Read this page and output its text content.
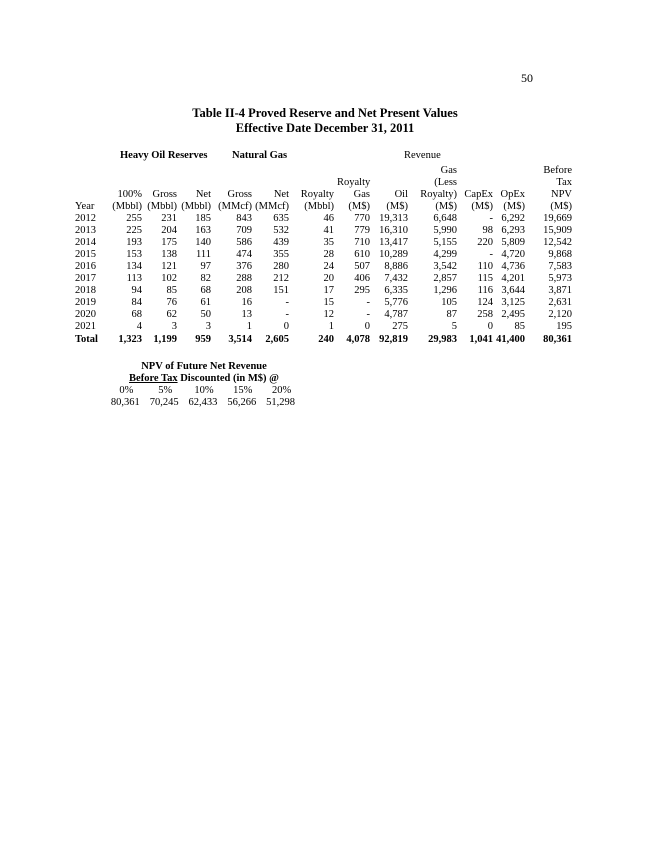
50
Table II-4 Proved Reserve and Net Present Values
Effective Date December 31, 2011
Heavy Oil Reserves Natural Gas	Revenue
									Gas			Before
							Royalty		(Less			Tax
	100%	Gross	Net	Gross	Net	Royalty	Gas	Oil	Royalty)	CapEx	OpEx	NPV
Year	(Mbbl)	(Mbbl)	(Mbbl)	(MMcf)	(MMcf)	(Mbbl)	(M$)	(M$)	(M$)	(M$)	(M$)	(M$)
2012	255	231	185	843	635	46	770	19,313	6,648	-	6,292	19,669
2013	225	204	163	709	532	41	779	16,310	5,990	98	6,293	15,909
2014	193	175	140	586	439	35	710	13,417	5,155	220	5,809	12,542
2015	153	138	111	474	355	28	610	10,289	4,299	-	4,720	9,868
2016	134	121	97	376	280	24	507	8,886	3,542	110	4,736	7,583
2017	113	102	82	288	212	20	406	7,432	2,857	115	4,201	5,973
2018	94	85	68	208	151	17	295	6,335	1,296	116	3,644	3,871
2019	84	76	61	16	-	15	-	5,776	105	124	3,125	2,631
2020	68	62	50	13	-	12	-	4,787	87	258	2,495	2,120
2021	4	3	3	1	0	1	0	275	5	0	85	195
Total	1,323	1,199	959	3,514	2,605	240	4,078	92,819	29,983	1,041	41,400	80,361
NPV of Future Net Revenue
Before Tax Discounted (in M$) @
0%	5%	10%	15%	20%
80,361	70,245	62,433	56,266	51,298
